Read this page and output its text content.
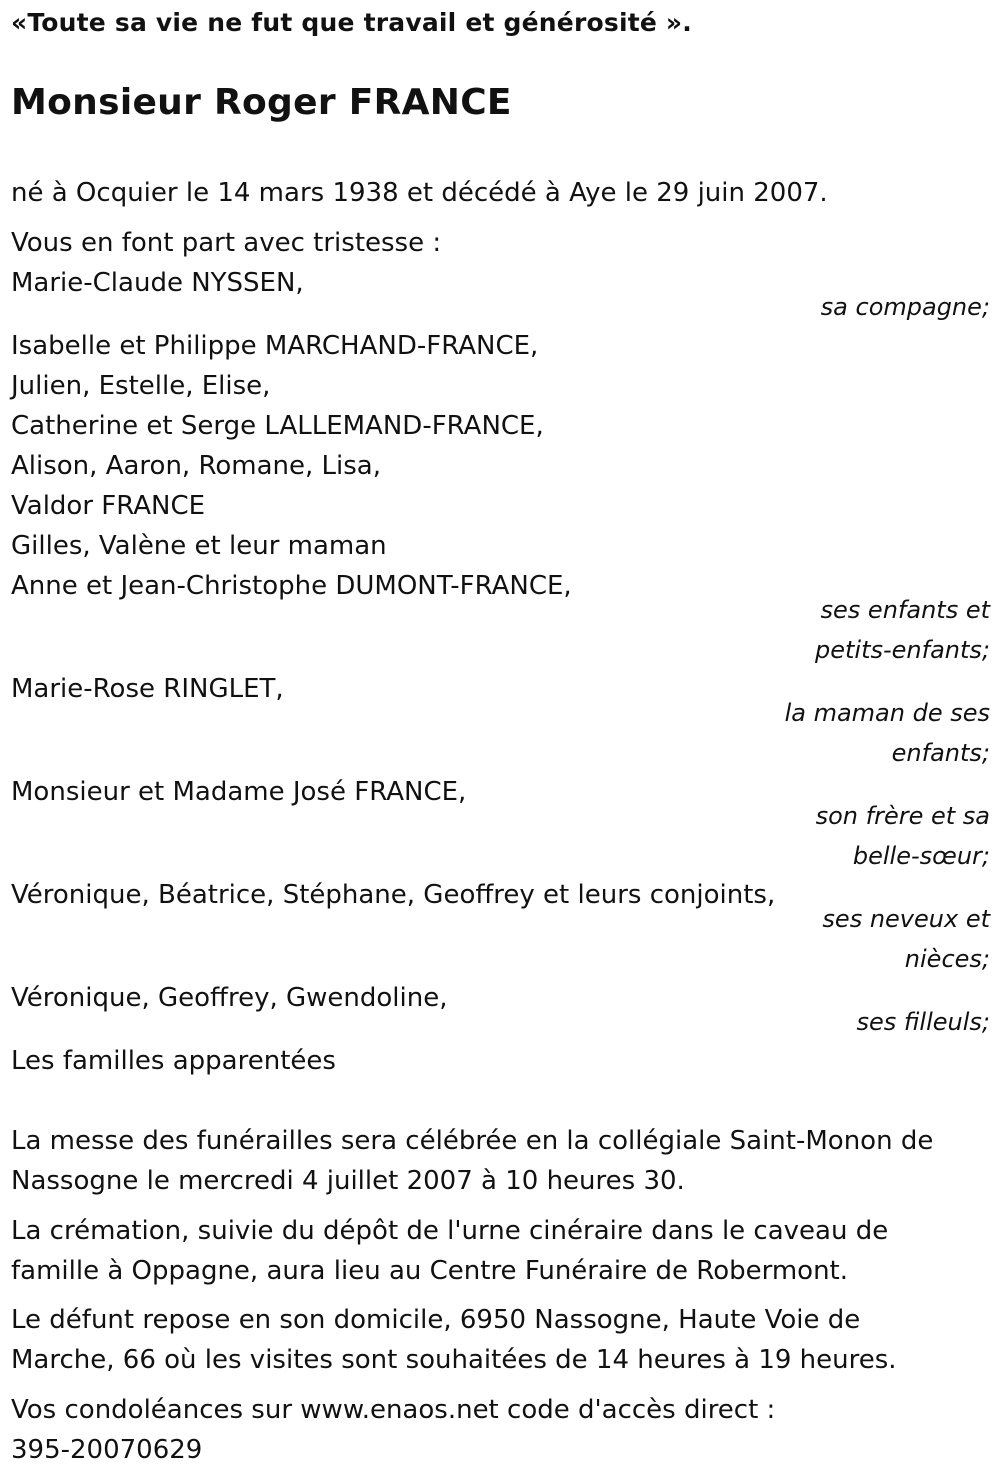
«Toute sa vie ne fut que travail et générosité ».
Monsieur Roger FRANCE
né à Ocquier le 14 mars 1938 et décédé à Aye le 29 juin 2007.
Vous en font part avec tristesse :
Marie-Claude NYSSEN,
sa compagne;
Isabelle et Philippe MARCHAND-FRANCE,
Julien, Estelle, Elise,
Catherine et Serge LALLEMAND-FRANCE,
Alison, Aaron, Romane, Lisa,
Valdor FRANCE
Gilles, Valène et leur maman
Anne et Jean-Christophe DUMONT-FRANCE,
ses enfants et
petits-enfants;
Marie-Rose RINGLET,
la maman de ses
enfants;
Monsieur et Madame José FRANCE,
son frère et sa
belle-sœur;
Véronique, Béatrice, Stéphane, Geoffrey et leurs conjoints,
ses neveux et
nièces;
Véronique, Geoffrey, Gwendoline,
ses filleuls;
Les familles apparentées
La messe des funérailles sera célébrée en la collégiale Saint-Monon de
Nassogne le mercredi 4 juillet 2007 à 10 heures 30.
La crémation, suivie du dépôt de l'urne cinéraire dans le caveau de
famille à Oppagne, aura lieu au Centre Funéraire de Robermont.
Le défunt repose en son domicile, 6950 Nassogne, Haute Voie de
Marche, 66 où les visites sont souhaitées de 14 heures à 19 heures.
Vos condoléances sur www.enaos.net code d'accès direct :
395-20070629
